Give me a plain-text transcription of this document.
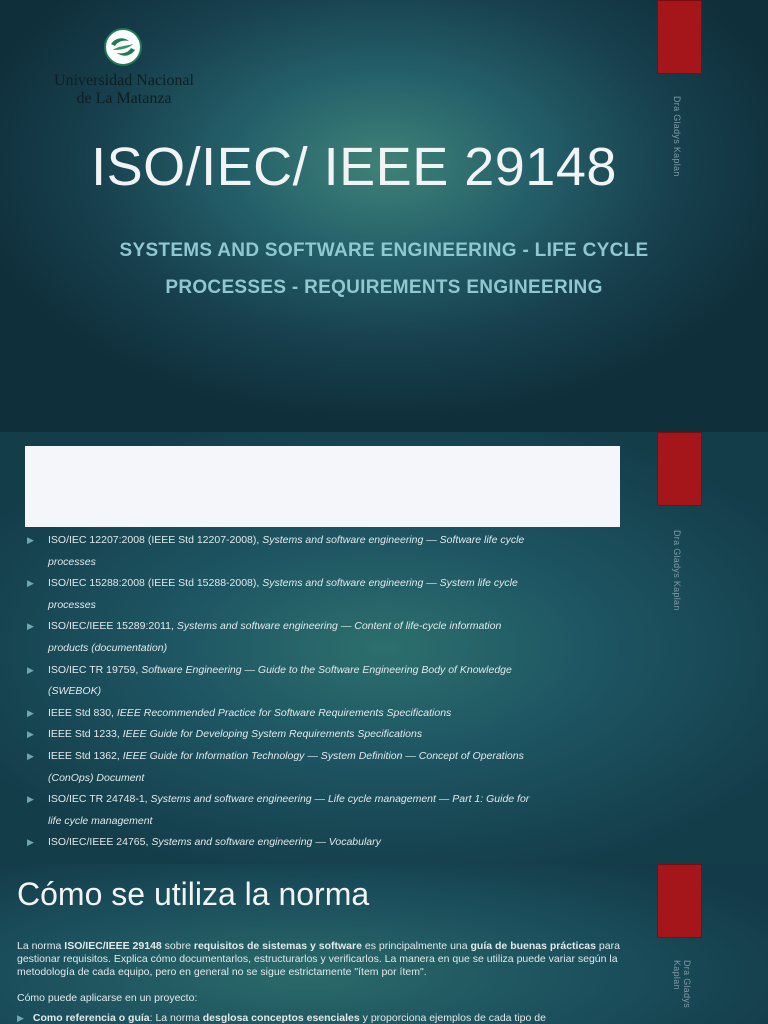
Universidad Nacional
de La Matanza	Dra Gladys Kaplan
ISO/IEC/ IEEE 29148
SYSTEMS AND SOFTWARE ENGINEERING - LIFE CYCLE
PROCESSES - REQUIREMENTS ENGINEERING
Dra Gladys Kaplan
▶ ISO/IEC 12207:2008 (IEEE Std 12207-2008), Systems and software engineering — Software life cycle
processes
▶ ISO/IEC 15288:2008 (IEEE Std 15288-2008), Systems and software engineering — System life cycle
processes
▶ ISO/IEC/IEEE 15289:2011, Systems and software engineering — Content of life-cycle information
products (documentation)
▶ ISO/IEC TR 19759, Software Engineering — Guide to the Software Engineering Body of Knowledge
(SWEBOK)
▶ IEEE Std 830, IEEE Recommended Practice for Software Requirements Specifications
▶ IEEE Std 1233, IEEE Guide for Developing System Requirements Specifications
▶ IEEE Std 1362, IEEE Guide for Information Technology — System Definition — Concept of Operations
(ConOps) Document
▶ ISO/IEC TR 24748-1, Systems and software engineering — Life cycle management — Part 1: Guide for
life cycle management
▶ ISO/IEC/IEEE 24765, Systems and software engineering — Vocabulary
Dra Gladys Kaplan
Cómo se utiliza la norma
La norma ISO/IEC/IEEE 29148 sobre requisitos de sistemas y software es principalmente una guía de buenas prácticas para gestionar requisitos. Explica cómo documentarlos, estructurarlos y verificarlos. La manera en que se utiliza puede variar según la metodología de cada equipo, pero en general no se sigue estrictamente "ítem por ítem".
Cómo puede aplicarse en un proyecto:
▶ Como referencia o guía: La norma desglosa conceptos esenciales y proporciona ejemplos de cada tipo de
